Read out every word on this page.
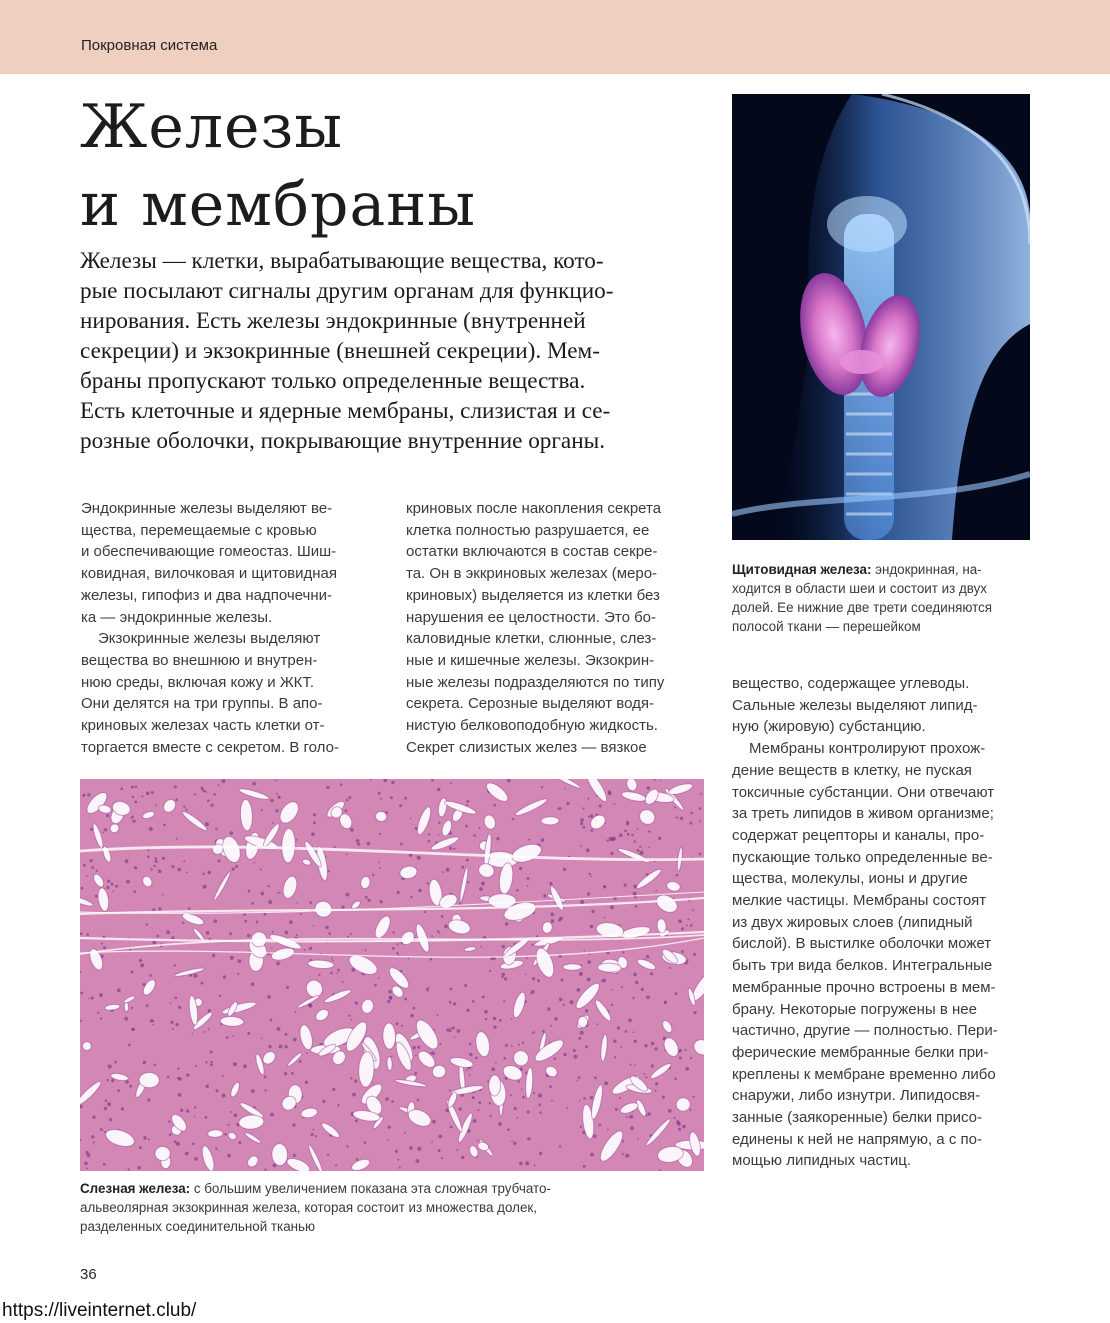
Покровная система
Железы
и мембраны
Железы — клетки, вырабатывающие вещества, кото-
рые посылают сигналы другим органам для функцио-
нирования. Есть железы эндокринные (внутренней
секреции) и экзокринные (внешней секреции). Мем-
браны пропускают только определенные вещества.
Есть клеточные и ядерные мембраны, слизистая и се-
розные оболочки, покрывающие внутренние органы.
Эндокринные железы выделяют ве-
щества, перемещаемые с кровью
и обеспечивающие гомеостаз. Шиш-
ковидная, вилочковая и щитовидная
железы, гипофиз и два надпочечни-
ка — эндокринные железы.
Экзокринные железы выделяют
вещества во внешнюю и внутрен-
нюю среды, включая кожу и ЖКТ.
Они делятся на три группы. В апо-
криновых железах часть клетки от-
торгается вместе с секретом. В голо-
криновых после накопления секрета
клетка полностью разрушается, ее
остатки включаются в состав секре-
та. Он в эккриновых железах (меро-
криновых) выделяется из клетки без
нарушения ее целостности. Это бо-
каловидные клетки, слюнные, слез-
ные и кишечные железы. Экзокрин-
ные железы подразделяются по типу
секрета. Серозные выделяют водя-
нистую белковоподобную жидкость.
Секрет слизистых желез — вязкое
вещество, содержащее углеводы.
Сальные железы выделяют липид-
ную (жировую) субстанцию.
Мембраны контролируют прохож-
дение веществ в клетку, не пуская
токсичные субстанции. Они отвечают
за треть липидов в живом организме;
содержат рецепторы и каналы, про-
пускающие только определенные ве-
щества, молекулы, ионы и другие
мелкие частицы. Мембраны состоят
из двух жировых слоев (липидный
бислой). В выстилке оболочки может
быть три вида белков. Интегральные
мембранные прочно встроены в мем-
брану. Некоторые погружены в нее
частично, другие — полностью. Пери-
ферические мембранные белки при-
креплены к мембране временно либо
снаружи, либо изнутри. Липидосвя-
занные (заякоренные) белки присо-
единены к ней не напрямую, а с по-
мощью липидных частиц.
Щитовидная железа: эндокринная, на-
ходится в области шеи и состоит из двух
долей. Ее нижние две трети соединяются
полосой ткани — перешейком
Слезная железа: с большим увеличением показана эта сложная трубчато-
альвеолярная экзокринная железа, которая состоит из множества долек,
разделенных соединительной тканью
36
https://liveinternet.club/
